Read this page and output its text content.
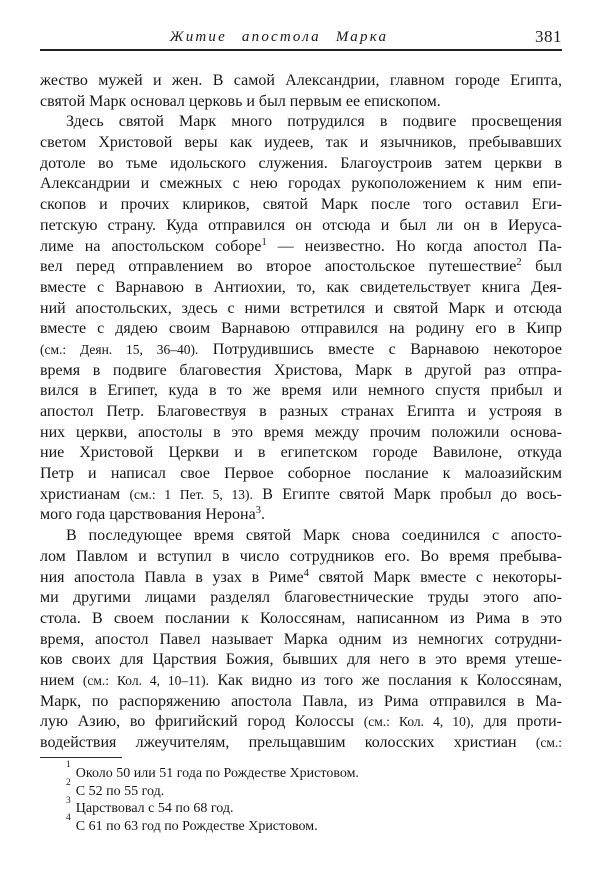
Житие апостола Марка	381
жество мужей и жен. В самой Александрии, главном городе Египта,
святой Марк основал церковь и был первым ее епископом.
Здесь святой Марк много потрудился в подвиге просвещения
светом Христовой веры как иудеев, так и язычников, пребывавших
дотоле во тьме идольского служения. Благоустроив затем церкви в
Александрии и смежных с нею городах рукоположением к ним епи-
скопов и прочих клириков, святой Марк после того оставил Еги-
петскую страну. Куда отправился он отсюда и был ли он в Иеруса-
лиме на апостольском соборе$^1$ — неизвестно. Но когда апостол Па-
вел перед отправлением во второе апостольское путешествие$^2$ был
вместе с Варнавою в Антиохии, то, как свидетельствует книга Дея-
ний апостольских, здесь с ними встретился и святой Марк и отсюда
вместе с дядею своим Варнавою отправился на родину его в Кипр
(см.: Деян. 15, 36–40). Потрудившись вместе с Варнавою некоторое
время в подвиге благовестия Христова, Марк в другой раз отпра-
вился в Египет, куда в то же время или немного спустя прибыл и
апостол Петр. Благовествуя в разных странах Египта и устрояя в
них церкви, апостолы в это время между прочим положили основа-
ние Христовой Церкви и в египетском городе Вавилоне, откуда
Петр и написал свое Первое соборное послание к малоазийским
христианам (см.: 1 Пет. 5, 13). В Египте святой Марк пробыл до вось-
мого года царствования Нерона$^3$.
В последующее время святой Марк снова соединился с апосто-
лом Павлом и вступил в число сотрудников его. Во время пребыва-
ния апостола Павла в узах в Риме$^4$ святой Марк вместе с некоторы-
ми другими лицами разделял благовестнические труды этого апо-
стола. В своем послании к Колоссянам, написанном из Рима в это
время, апостол Павел называет Марка одним из немногих сотрудни-
ков своих для Царствия Божия, бывших для него в это время утеше-
нием (см.: Кол. 4, 10–11). Как видно из того же послания к Колоссянам,
Марк, по распоряжению апостола Павла, из Рима отправился в Ма-
лую Азию, во фригийский город Колоссы (см.: Кол. 4, 10), для проти-
водействия лжеучителям, прельщавшим колосских христиан (см.:
$^1$Около 50 или 51 года по Рождестве Христовом.
$^2$С 52 по 55 год.
$^3$Царствовал с 54 по 68 год.
$^4$С 61 по 63 год по Рождестве Христовом.
